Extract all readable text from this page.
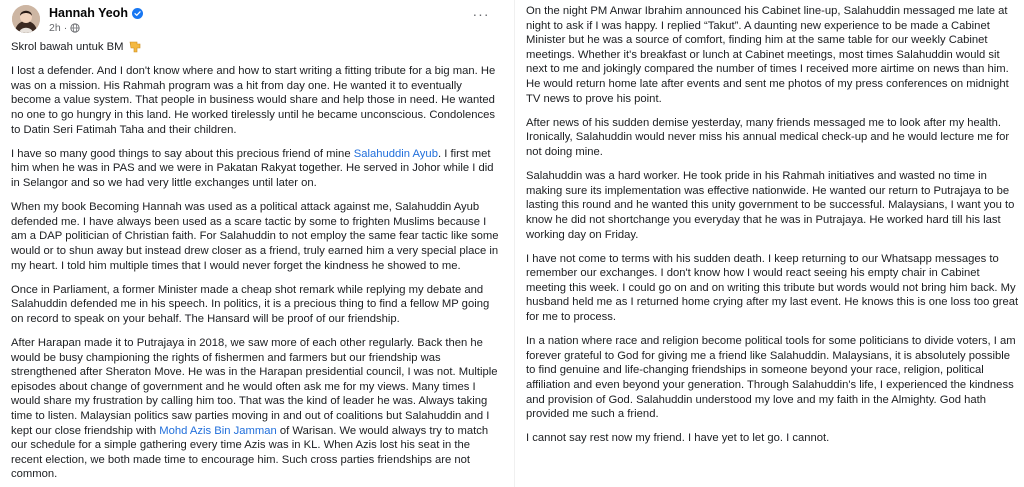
Hannah Yeoh
2h ·
···

Skrol bawah untuk BM

I lost a defender. And I don't know where and how to start writing a fitting tribute for a big man. He was on a mission. His Rahmah program was a hit from day one. He wanted it to eventually become a value system. That people in business would share and help those in need. He wanted no one to go hungry in this land. He worked tirelessly until he became unconscious. Condolences to Datin Seri Fatimah Taha and their children.

I have so many good things to say about this precious friend of mine Salahuddin Ayub. I first met him when he was in PAS and we were in Pakatan Rakyat together. He served in Johor while I did in Selangor and so we had very little exchanges until later on.

When my book Becoming Hannah was used as a political attack against me, Salahuddin Ayub defended me. I have always been used as a scare tactic by some to frighten Muslims because I am a DAP politician of Christian faith. For Salahuddin to not employ the same fear tactic like some would or to shun away but instead drew closer as a friend, truly earned him a very special place in my heart. I told him multiple times that I would never forget the kindness he showed to me.

Once in Parliament, a former Minister made a cheap shot remark while replying my debate and Salahuddin defended me in his speech. In politics, it is a precious thing to find a fellow MP going on record to speak on your behalf. The Hansard will be proof of our friendship.

After Harapan made it to Putrajaya in 2018, we saw more of each other regularly. Back then he would be busy championing the rights of fishermen and farmers but our friendship was strengthened after Sheraton Move. He was in the Harapan presidential council, I was not. Multiple episodes about change of government and he would often ask me for my views. Many times I would share my frustration by calling him too. That was the kind of leader he was. Always taking time to listen. Malaysian politics saw parties moving in and out of coalitions but Salahuddin and I kept our close friendship with Mohd Azis Bin Jamman of Warisan. We would always try to match our schedule for a simple gathering every time Azis was in KL. When Azis lost his seat in the recent election, we both made time to encourage him. Such cross parties friendships are not common.

On the night PM Anwar Ibrahim announced his Cabinet line-up, Salahuddin messaged me late at night to ask if I was happy. I replied “Takut”. A daunting new experience to be made a Cabinet Minister but he was a source of comfort, finding him at the same table for our weekly Cabinet meetings. Whether it's breakfast or lunch at Cabinet meetings, most times Salahuddin would sit next to me and jokingly compared the number of times I received more airtime on news than him. He would return home late after events and sent me photos of my press conferences on midnight TV news to prove his point.

After news of his sudden demise yesterday, many friends messaged me to look after my health. Ironically, Salahuddin would never miss his annual medical check-up and he would lecture me for not doing mine.

Salahuddin was a hard worker. He took pride in his Rahmah initiatives and wasted no time in making sure its implementation was effective nationwide. He wanted our return to Putrajaya to be lasting this round and he wanted this unity government to be successful. Malaysians, I want you to know he did not shortchange you everyday that he was in Putrajaya. He worked hard till his last working day on Friday.

I have not come to terms with his sudden death. I keep returning to our Whatsapp messages to remember our exchanges. I don't know how I would react seeing his empty chair in Cabinet meeting this week. I could go on and on writing this tribute but words would not bring him back. My husband held me as I returned home crying after my last event. He knows this is one loss too great for me to process.

In a nation where race and religion become political tools for some politicians to divide voters, I am forever grateful to God for giving me a friend like Salahuddin. Malaysians, it is absolutely possible to find genuine and life-changing friendships in someone beyond your race, religion, political affiliation and even beyond your generation. Through Salahuddin's life, I experienced the kindness and provision of God. Salahuddin understood my love and my faith in the Almighty. God hath provided me such a friend.

I cannot say rest now my friend. I have yet to let go. I cannot.
